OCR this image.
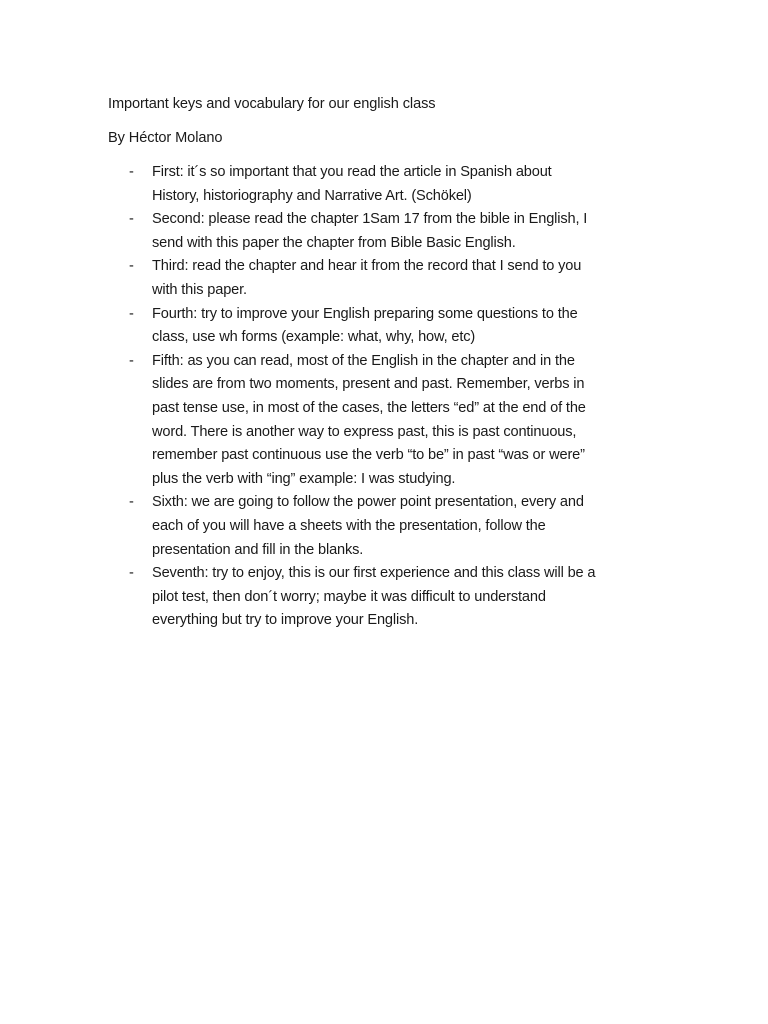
Important keys and vocabulary for our english class

By Héctor Molano

- First: it´s so important that you read the article in Spanish about
History, historiography and Narrative Art. (Schökel)
- Second: please read the chapter 1Sam 17 from the bible in English, I
send with this paper the chapter from Bible Basic English.
- Third: read the chapter and hear it from the record that I send to you
with this paper.
- Fourth: try to improve your English preparing some questions to the
class, use wh forms (example: what, why, how, etc)
- Fifth: as you can read, most of the English in the chapter and in the
slides are from two moments, present and past. Remember, verbs in
past tense use, in most of the cases, the letters “ed” at the end of the
word. There is another way to express past, this is past continuous,
remember past continuous use the verb “to be” in past “was or were”
plus the verb with “ing” example: I was studying.
- Sixth: we are going to follow the power point presentation, every and
each of you will have a sheets with the presentation, follow the
presentation and fill in the blanks.
- Seventh: try to enjoy, this is our first experience and this class will be a
pilot test, then don´t worry; maybe it was difficult to understand
everything but try to improve your English.
